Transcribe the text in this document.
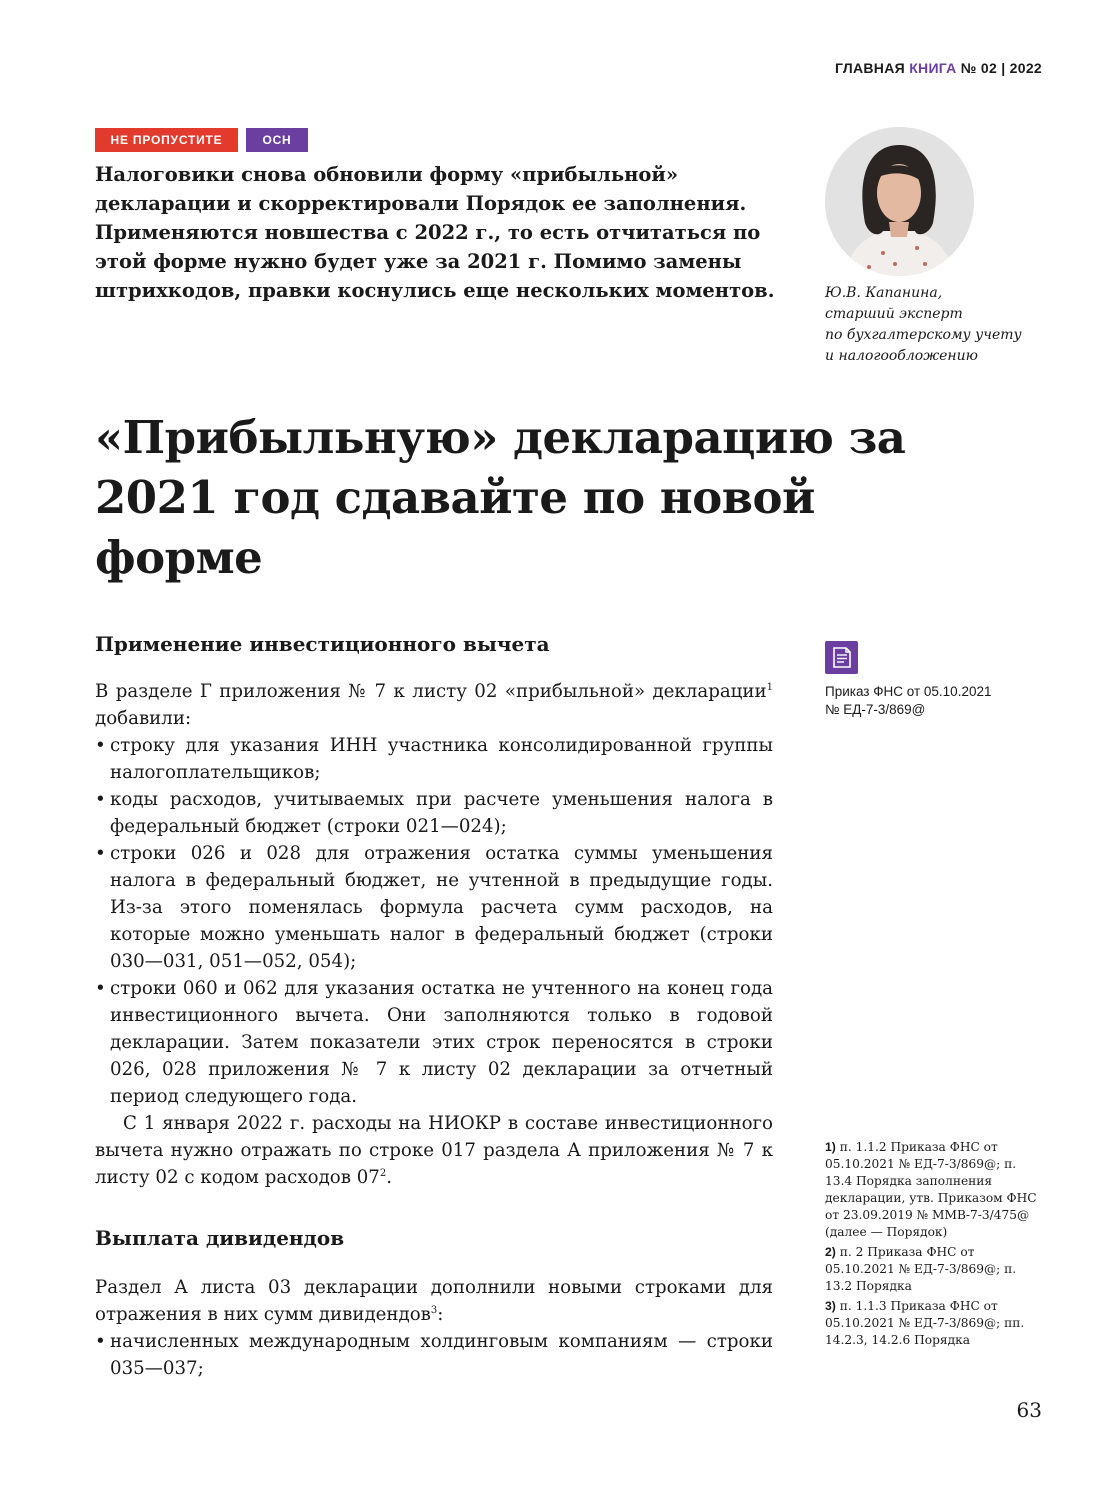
ГЛАВНАЯ КНИГА № 02 | 2022
НЕ ПРОПУСТИТЕ	ОСН
Налоговики снова обновили форму «прибыльной» декларации и скорректировали Порядок ее заполнения. Применяются новшества с 2022 г., то есть отчитаться по этой форме нужно будет уже за 2021 г. Помимо замены штрихкодов, правки коснулись еще нескольких моментов.	Ю.В. Капанина,
старший эксперт
по бухгалтерскому учету
и налогообложению
«Прибыльную» декларацию за 2021 год сдавайте по новой форме
Применение инвестиционного вычета

В разделе Г приложения № 7 к листу 02 «прибыльной» декларации$^1$ добавили:

• строку для указания ИНН участника консолидированной группы налогоплательщиков;
• коды расходов, учитываемых при расчете уменьшения налога в федеральный бюджет (строки 021—024);
• строки 026 и 028 для отражения остатка суммы уменьшения налога в федеральный бюджет, не учтенной в предыдущие годы. Из-за этого поменялась формула расчета сумм расходов, на которые можно уменьшать налог в федеральный бюджет (строки 030—031, 051—052, 054);
• строки 060 и 062 для указания остатка не учтенного на конец года инвестиционного вычета. Они заполняются только в годовой декларации. Затем показатели этих строк переносятся в строки 026, 028 приложения № 7 к листу 02 декларации за отчетный период следующего года.

С 1 января 2022 г. расходы на НИОКР в составе инвестиционного вычета нужно отражать по строке 017 раздела А приложения № 7 к листу 02 с кодом расходов $07^2$.

Выплата дивидендов

Раздел А листа 03 декларации дополнили новыми строками для отражения в них сумм дивидендов$^3$:

• начисленных международным холдинговым компаниям — строки 035—037;
Приказ ФНС от 05.10.2021
№ ЕД-7-3/869@
1) п. 1.1.2 Приказа ФНС от 05.10.2021 № ЕД-7-3/869@; п. 13.4 Порядка заполнения декларации, утв. Приказом ФНС от 23.09.2019 № ММВ-7-3/475@ (далее — Порядок)
2) п. 2 Приказа ФНС от 05.10.2021 № ЕД-7-3/869@; п. 13.2 Порядка
3) п. 1.1.3 Приказа ФНС от 05.10.2021 № ЕД-7-3/869@; пп. 14.2.3, 14.2.6 Порядка
63
